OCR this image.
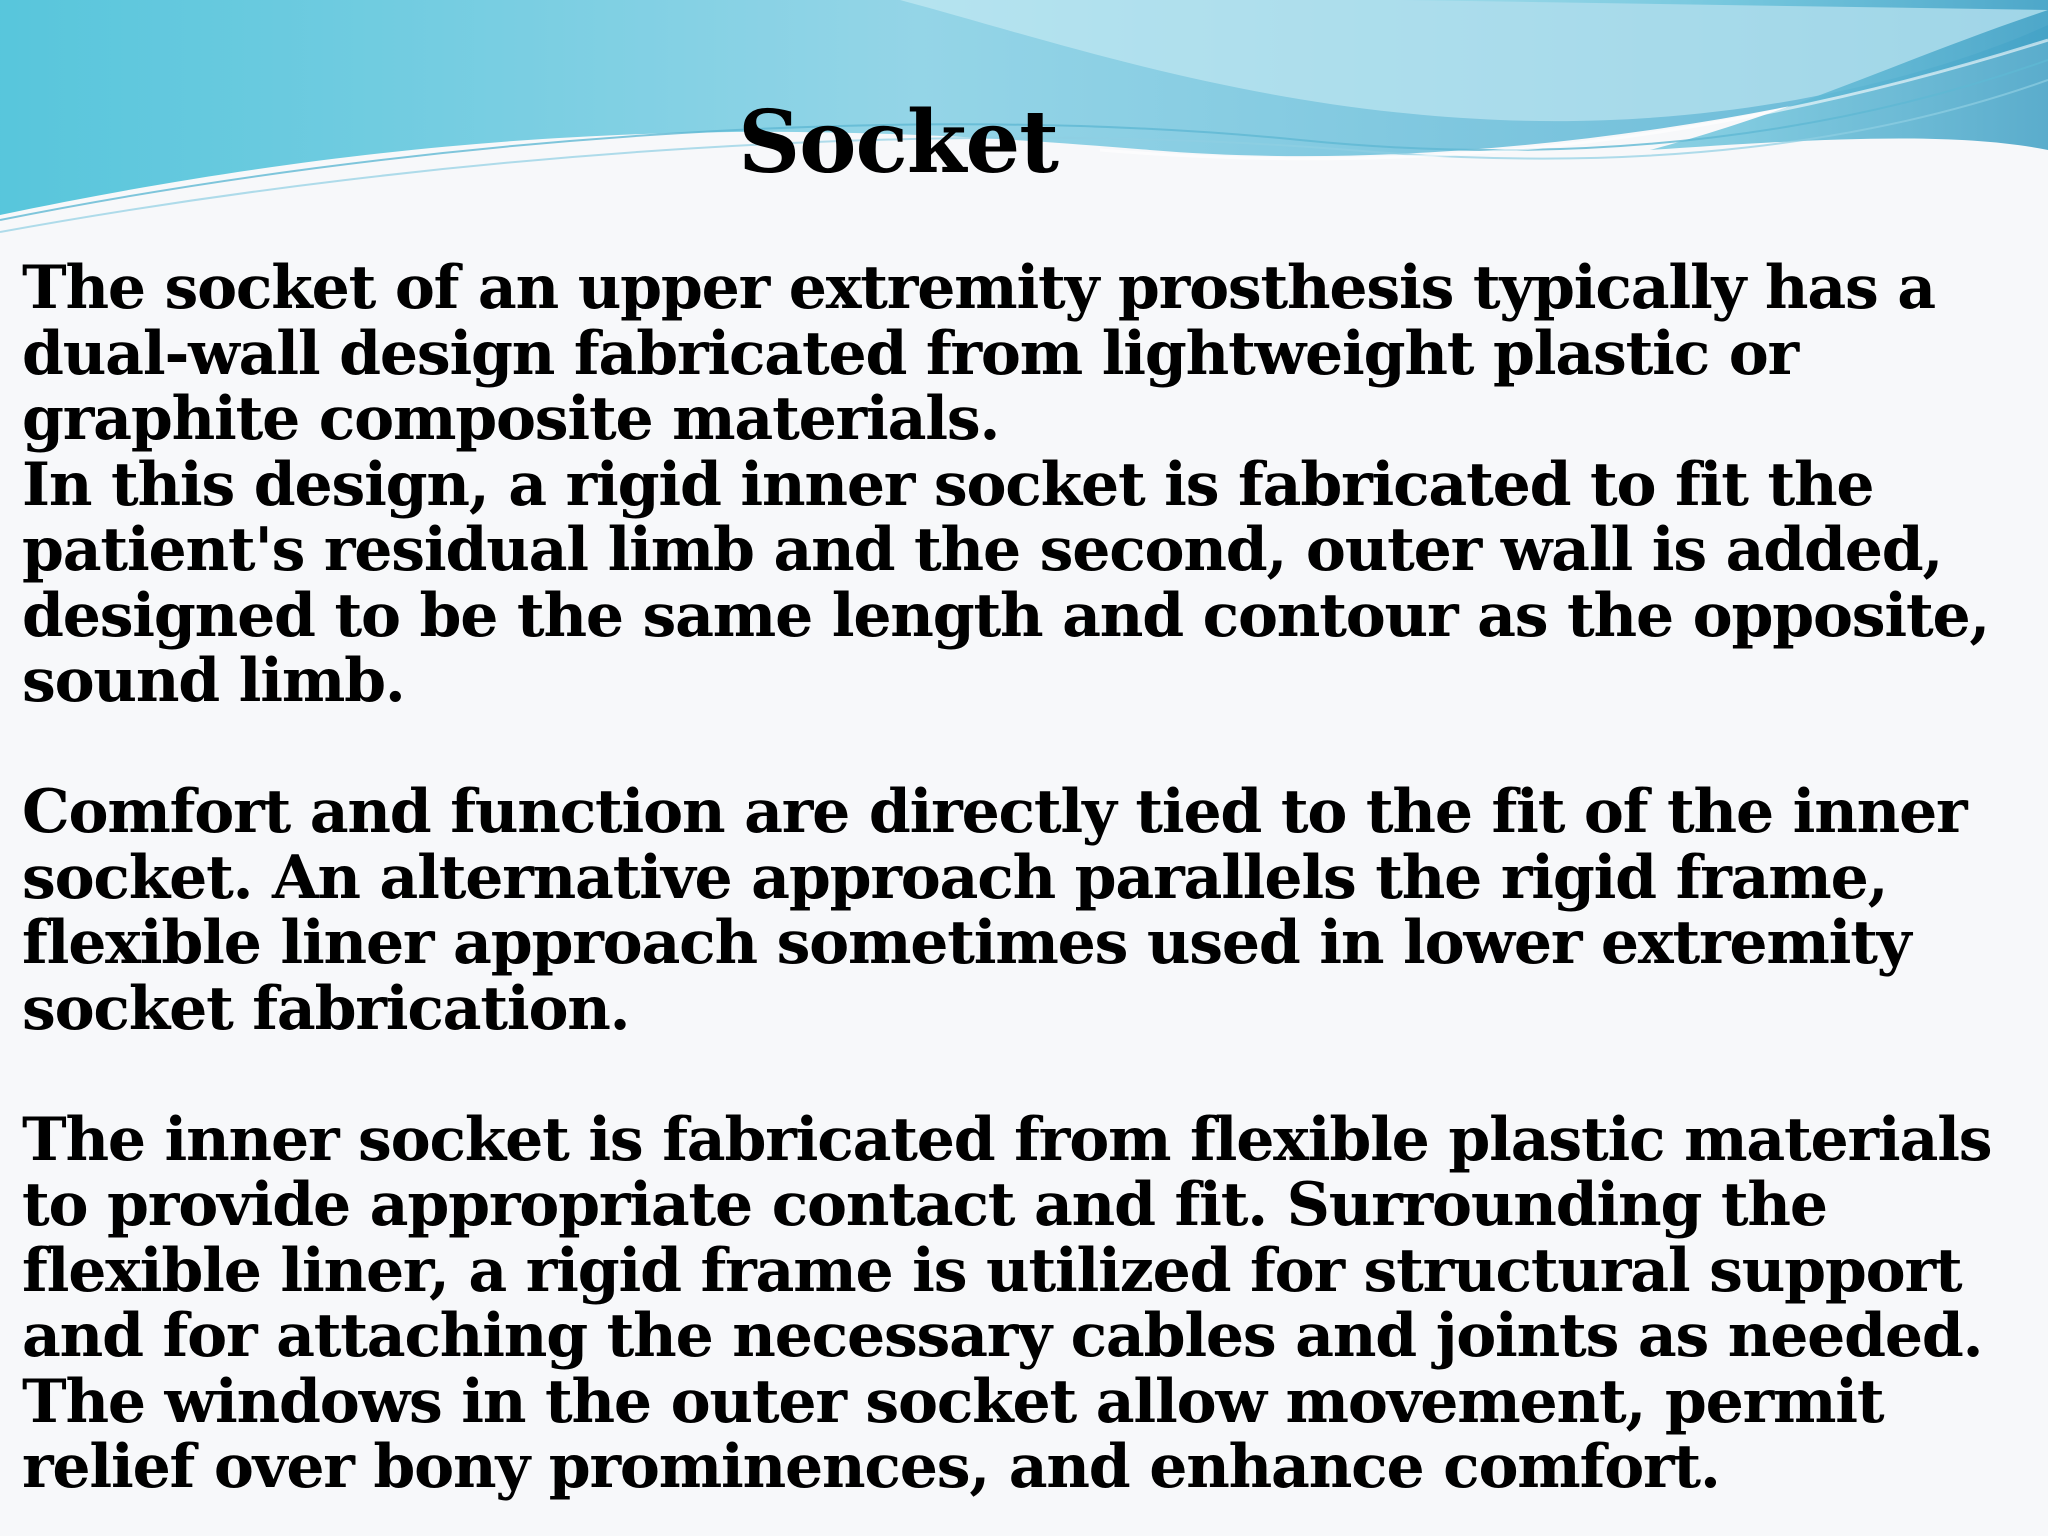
Socket
The socket of an upper extremity prosthesis typically has a dual-wall design fabricated from lightweight plastic or graphite composite materials.
In this design, a rigid inner socket is fabricated to fit the patient's residual limb and the second, outer wall is added, designed to be the same length and contour as the opposite, sound limb.
Comfort and function are directly tied to the fit of the inner socket. An alternative approach parallels the rigid frame, flexible liner approach sometimes used in lower extremity socket fabrication.
The inner socket is fabricated from flexible plastic materials to provide appropriate contact and fit. Surrounding the flexible liner, a rigid frame is utilized for structural support and for attaching the necessary cables and joints as needed. The windows in the outer socket allow movement, permit relief over bony prominences, and enhance comfort.
